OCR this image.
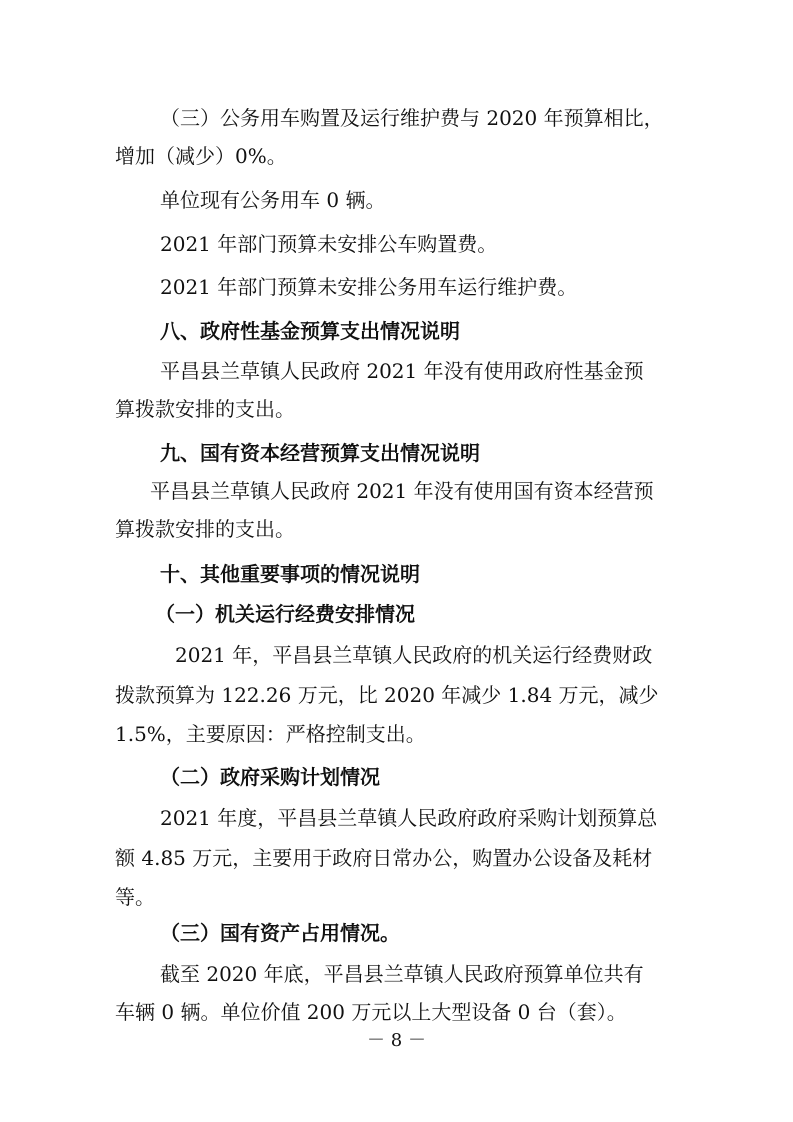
（三）公务用车购置及运行维护费与 2020 年预算相比，
增加（减少）0%。
单位现有公务用车 0 辆。
2021 年部门预算未安排公车购置费。
2021 年部门预算未安排公务用车运行维护费。
八、政府性基金预算支出情况说明
平昌县兰草镇人民政府 2021 年没有使用政府性基金预
算拨款安排的支出。
九、国有资本经营预算支出情况说明
平昌县兰草镇人民政府 2021 年没有使用国有资本经营预
算拨款安排的支出。
十、其他重要事项的情况说明
（一）机关运行经费安排情况
2021 年，平昌县兰草镇人民政府的机关运行经费财政
拨款预算为 122.26 万元，比 2020 年减少 1.84 万元，减少
1.5%，主要原因：严格控制支出。
（二）政府采购计划情况
2021 年度，平昌县兰草镇人民政府政府采购计划预算总
额 4.85 万元，主要用于政府日常办公，购置办公设备及耗材
等。
（三）国有资产占用情况。
截至 2020 年底，平昌县兰草镇人民政府预算单位共有
车辆 0 辆。单位价值 200 万元以上大型设备 0 台（套）。
－ 8 －
